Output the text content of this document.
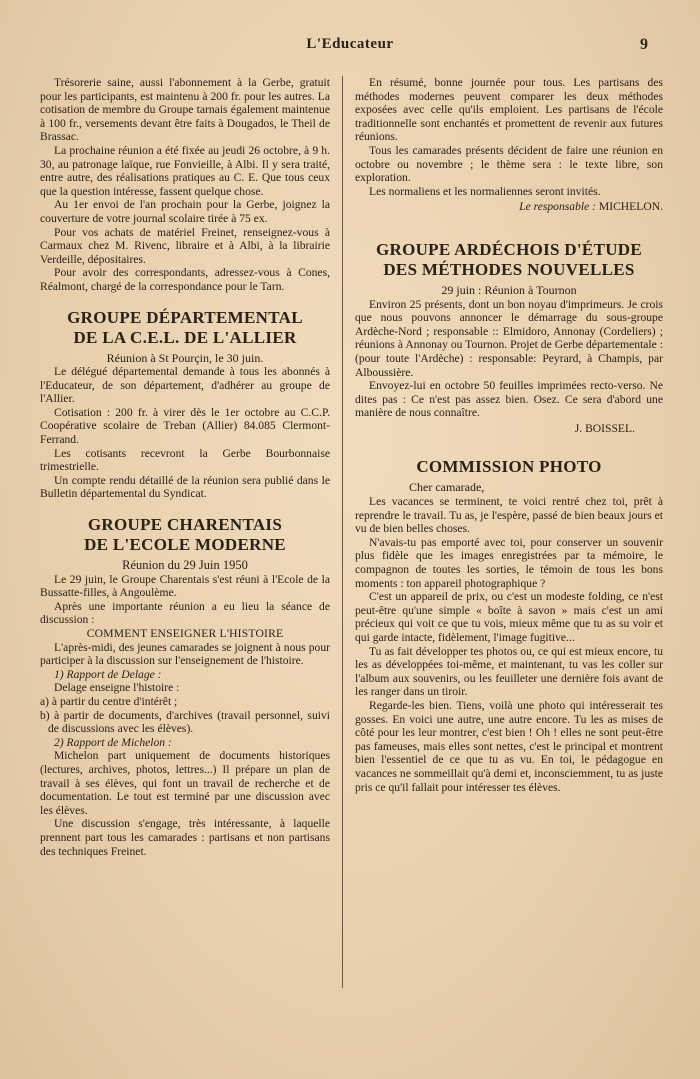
L'Educateur	9

Trésorerie saine, aussi l'abonnement à la Gerbe, gratuit pour les participants, est maintenu à 200 fr. pour les autres. La cotisation de membre du Groupe tarnais également maintenue à 100 fr., versements devant être faits à Dougados, le Theil de Brassac.

La prochaine réunion a été fixée au jeudi 26 octobre, à 9 h. 30, au patronage laïque, rue Fonvieille, à Albi. Il y sera traité, entre autre, des réalisations pratiques au C. E. Que tous ceux que la question intéresse, fassent quelque chose.

Au 1er envoi de l'an prochain pour la Gerbe, joignez la couverture de votre journal scolaire tirée à 75 ex.

Pour vos achats de matériel Freinet, renseignez-vous à Carmaux chez M. Rivenc, libraire et à Albi, à la librairie Verdeille, dépositaires.

Pour avoir des correspondants, adressez-vous à Cones, Réalmont, chargé de la correspondance pour le Tarn.

GROUPE DÉPARTEMENTAL
DE LA C.E.L. DE L'ALLIER
Réunion à St Pourçin, le 30 juin.

Le délégué départemental demande à tous les abonnés à l'Educateur, de son département, d'adhérer au groupe de l'Allier.

Cotisation : 200 fr. à virer dès le 1er octobre au C.C.P. Coopérative scolaire de Treban (Allier) 84.085 Clermont-Ferrand.

Les cotisants recevront la Gerbe Bourbonnaise trimestrielle.

Un compte rendu détaillé de la réunion sera publié dans le Bulletin départemental du Syndicat.

GROUPE CHARENTAIS
DE L'ECOLE MODERNE
Réunion du 29 Juin 1950

Le 29 juin, le Groupe Charentais s'est réuni à l'Ecole de la Bussatte-filles, à Angoulème.

Après une importante réunion a eu lieu la séance de discussion :

COMMENT ENSEIGNER L'HISTOIRE

L'après-midi, des jeunes camarades se joignent à nous pour participer à la discussion sur l'enseignement de l'histoire.

1) Rapport de Delage :

Delage enseigne l'histoire :

a) à partir du centre d'intérêt ;

b) à partir de documents, d'archives (travail personnel, suivi de discussions avec les élèves).

2) Rapport de Michelon :

Michelon part uniquement de documents historiques (lectures, archives, photos, lettres...) Il prépare un plan de travail à ses élèves, qui font un travail de recherche et de documentation. Le tout est terminé par une discussion avec les élèves.

Une discussion s'engage, très intéressante, à laquelle prennent part tous les camarades : partisans et non partisans des techniques Freinet.

En résumé, bonne journée pour tous. Les partisans des méthodes modernes peuvent comparer les deux méthodes exposées avec celle qu'ils emploient. Les partisans de l'école traditionnelle sont enchantés et promettent de revenir aux futures réunions.

Tous les camarades présents décident de faire une réunion en octobre ou novembre ; le thème sera : le texte libre, son exploration.

Les normaliens et les normaliennes seront invités.

Le responsable : MICHELON.
GROUPE ARDÉCHOIS D'ÉTUDE
DES MÉTHODES NOUVELLES
29 juin : Réunion à Tournon

Environ 25 présents, dont un bon noyau d'imprimeurs. Je crois que nous pouvons annoncer le démarrage du sous-groupe Ardèche-Nord ; responsable :: Elmidoro, Annonay (Cordeliers) ; réunions à Annonay ou Tournon. Projet de Gerbe départementale : (pour toute l'Ardèche) : responsable: Peyrard, à Champis, par Alboussière.

Envoyez-lui en octobre 50 feuilles imprimées recto-verso. Ne dites pas : Ce n'est pas assez bien. Osez. Ce sera d'abord une manière de nous connaître.

J. BOISSEL.
COMMISSION PHOTO
Cher camarade,

Les vacances se terminent, te voici rentré chez toi, prêt à reprendre le travail. Tu as, je l'espère, passé de bien beaux jours et vu de bien belles choses.

N'avais-tu pas emporté avec toi, pour conserver un souvenir plus fidèle que les images enregistrées par ta mémoire, le compagnon de toutes les sorties, le témoin de tous les bons moments : ton appareil photographique ?

C'est un appareil de prix, ou c'est un modeste folding, ce n'est peut-être qu'une simple « boîte à savon » mais c'est un ami précieux qui voit ce que tu vois, mieux même que tu as su voir et qui garde intacte, fidèlement, l'image fugitive...

Tu as fait développer tes photos ou, ce qui est mieux encore, tu les as développées toi-même, et maintenant, tu vas les coller sur l'album aux souvenirs, ou les feuilleter une dernière fois avant de les ranger dans un tiroir.

Regarde-les bien. Tiens, voilà une photo qui intéresserait tes gosses. En voici une autre, une autre encore. Tu les as mises de côté pour les leur montrer, c'est bien ! Oh ! elles ne sont peut-être pas fameuses, mais elles sont nettes, c'est le principal et montrent bien l'essentiel de ce que tu as vu. En toi, le pédagogue en vacances ne sommeillait qu'à demi et, inconsciemment, tu as juste pris ce qu'il fallait pour intéresser tes élèves.
